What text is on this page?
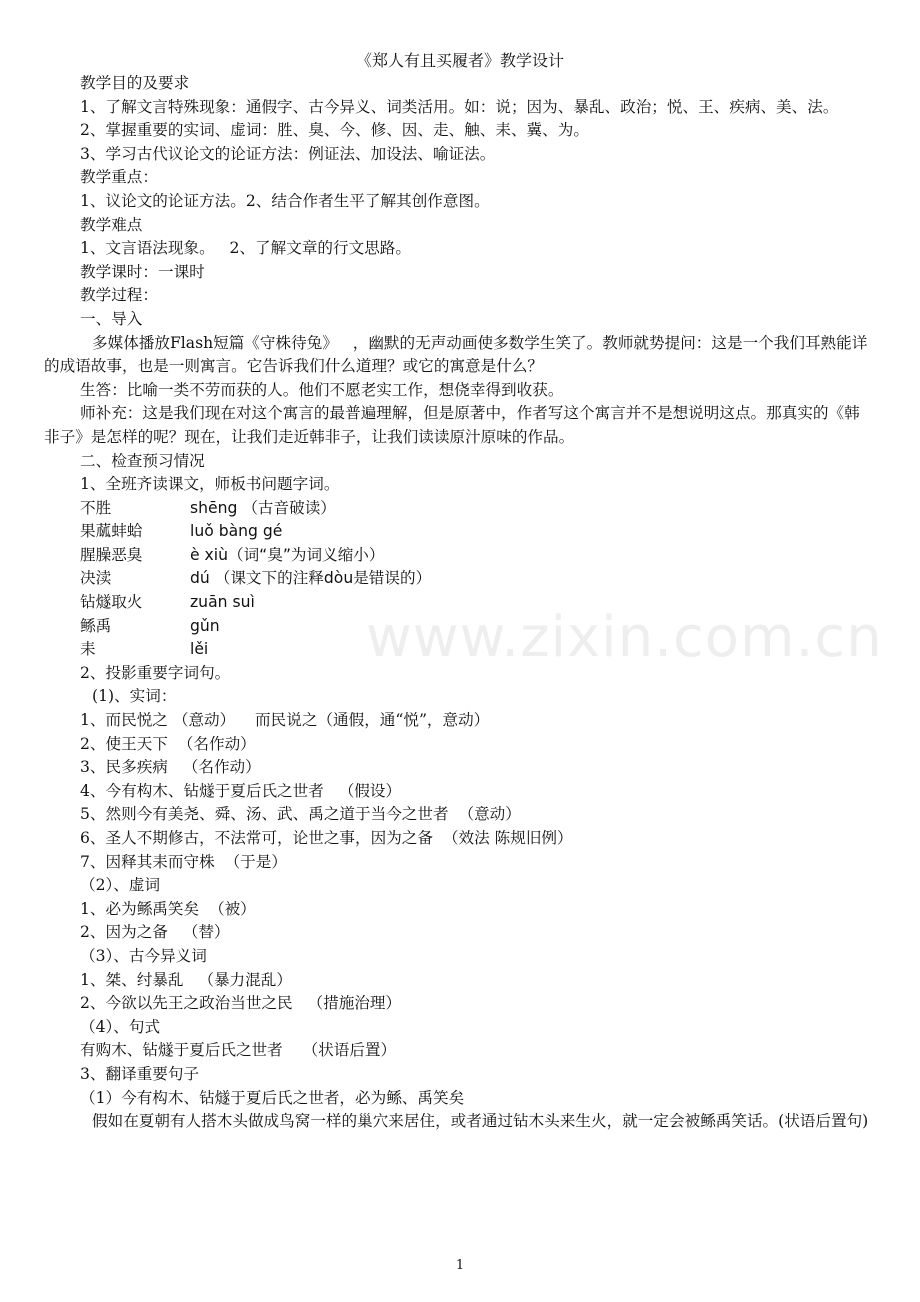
《郑人有且买履者》教学设计
www.zixin.com.cn
教学目的及要求
1、了解文言特殊现象：通假字、古今异义、词类活用。如：说；因为、暴乱、政治；悦、王、疾病、美、法。
2、掌握重要的实词、虚词：胜、臭、今、修、因、走、触、耒、冀、为。
3、学习古代议论文的论证方法：例证法、加设法、喻证法。
教学重点：
1、议论文的论证方法。2、结合作者生平了解其创作意图。
教学难点
1、文言语法现象。   2、了解文章的行文思路。
教学课时：一课时
教学过程：
一、导入
多媒体播放Flash短篇《守株待兔》   ，幽默的无声动画使多数学生笑了。教师就势提问：这是一个我们耳熟能详的成语故事，也是一则寓言。它告诉我们什么道理？或它的寓意是什么？
生答：比喻一类不劳而获的人。他们不愿老实工作，想侥幸得到收获。
师补充：这是我们现在对这个寓言的最普遍理解，但是原著中，作者写这个寓言并不是想说明这点。那真实的《韩非子》是怎样的呢？现在，让我们走近韩非子，让我们读读原汁原味的作品。
二、检查预习情况
1、全班齐读课文，师板书问题字词。
不胜	shēng （古音破读）
果蓏蚌蛤	luǒ bàng gé
腥臊恶臭	è xiù（词“臭”为词义缩小）
决渎	dú （课文下的注释dòu是错误的）
钻燧取火	zuān suì
鲧禹	gǔn
耒	lěi
2、投影重要字词句。
(1)、实词：
1、而民悦之 （意动）    而民说之（通假，通“悦”，意动）
2、使王天下  （名作动）
3、民多疾病   （名作动）
4、今有构木、钻燧于夏后氏之世者   （假设）
5、然则今有美尧、舜、汤、武、禹之道于当今之世者  （意动）
6、圣人不期修古，不法常可，论世之事，因为之备  （效法 陈规旧例）
7、因释其耒而守株  （于是）
（2）、虚词
1、必为鲧禹笑矣  （被）
2、因为之备   （替）
（3）、古今异义词
1、桀、纣暴乱   （暴力混乱）
2、今欲以先王之政治当世之民   （措施治理）
（4）、句式
有购木、钻燧于夏后氏之世者    （状语后置）
3、翻译重要句子
（1）今有构木、钻燧于夏后氏之世者，必为鲧、禹笑矣
假如在夏朝有人搭木头做成鸟窝一样的巢穴来居住，或者通过钻木头来生火，就一定会被鲧禹笑话。(状语后置句)
1
